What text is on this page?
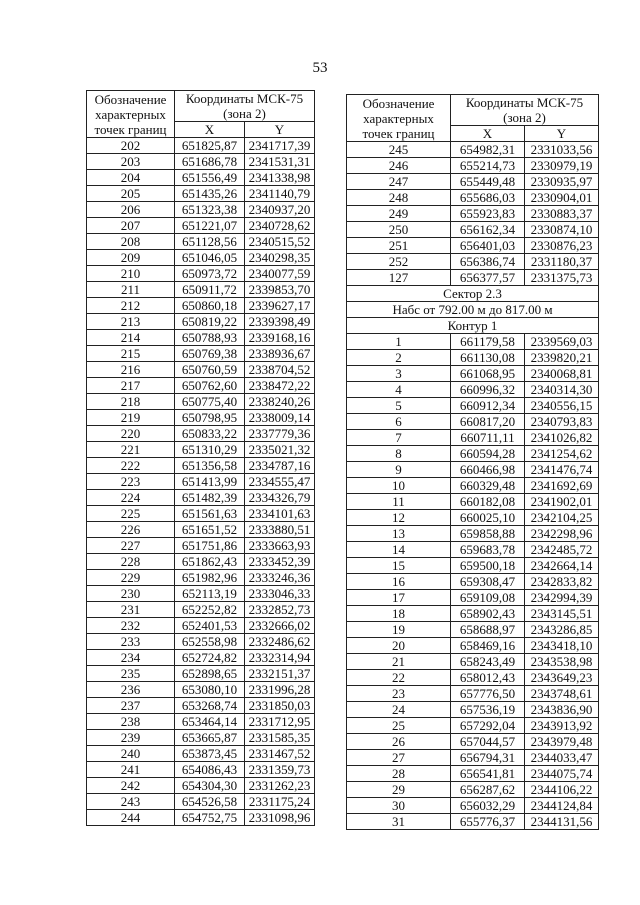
53
Обозначение характерных точек границ	Координаты МСК-75 (зона 2)	

	X	Y
202	651825,87	2341717,39
203	651686,78	2341531,31
204	651556,49	2341338,98
205	651435,26	2341140,79
206	651323,38	2340937,20
207	651221,07	2340728,62
208	651128,56	2340515,52
209	651046,05	2340298,35
210	650973,72	2340077,59
211	650911,72	2339853,70
212	650860,18	2339627,17
213	650819,22	2339398,49
214	650788,93	2339168,16
215	650769,38	2338936,67
216	650760,59	2338704,52
217	650762,60	2338472,22
218	650775,40	2338240,26
219	650798,95	2338009,14
220	650833,22	2337779,36
221	651310,29	2335021,32
222	651356,58	2334787,16
223	651413,99	2334555,47
224	651482,39	2334326,79
225	651561,63	2334101,63
226	651651,52	2333880,51
227	651751,86	2333663,93
228	651862,43	2333452,39
229	651982,96	2333246,36
230	652113,19	2333046,33
231	652252,82	2332852,73
232	652401,53	2332666,02
233	652558,98	2332486,62
234	652724,82	2332314,94
235	652898,65	2332151,37
236	653080,10	2331996,28
237	653268,74	2331850,03
238	653464,14	2331712,95
239	653665,87	2331585,35
240	653873,45	2331467,52
241	654086,43	2331359,73
242	654304,30	2331262,23
243	654526,58	2331175,24
244	654752,75	2331098,96
Обозначение характерных точек границ	Координаты МСК-75 (зона 2)	

	X	Y
245	654982,31	2331033,56
246	655214,73	2330979,19
247	655449,48	2330935,97
248	655686,03	2330904,01
249	655923,83	2330883,37
250	656162,34	2330874,10
251	656401,03	2330876,23
252	656386,74	2331180,37
127	656377,57	2331375,73
Сектор 2.3		
Набс от 792.00 м до 817.00 м		
Контур 1		
1	661179,58	2339569,03
2	661130,08	2339820,21
3	661068,95	2340068,81
4	660996,32	2340314,30
5	660912,34	2340556,15
6	660817,20	2340793,83
7	660711,11	2341026,82
8	660594,28	2341254,62
9	660466,98	2341476,74
10	660329,48	2341692,69
11	660182,08	2341902,01
12	660025,10	2342104,25
13	659858,88	2342298,96
14	659683,78	2342485,72
15	659500,18	2342664,14
16	659308,47	2342833,82
17	659109,08	2342994,39
18	658902,43	2343145,51
19	658688,97	2343286,85
20	658469,16	2343418,10
21	658243,49	2343538,98
22	658012,43	2343649,23
23	657776,50	2343748,61
24	657536,19	2343836,90
25	657292,04	2343913,92
26	657044,57	2343979,48
27	656794,31	2344033,47
28	656541,81	2344075,74
29	656287,62	2344106,22
30	656032,29	2344124,84
31	655776,37	2344131,56
